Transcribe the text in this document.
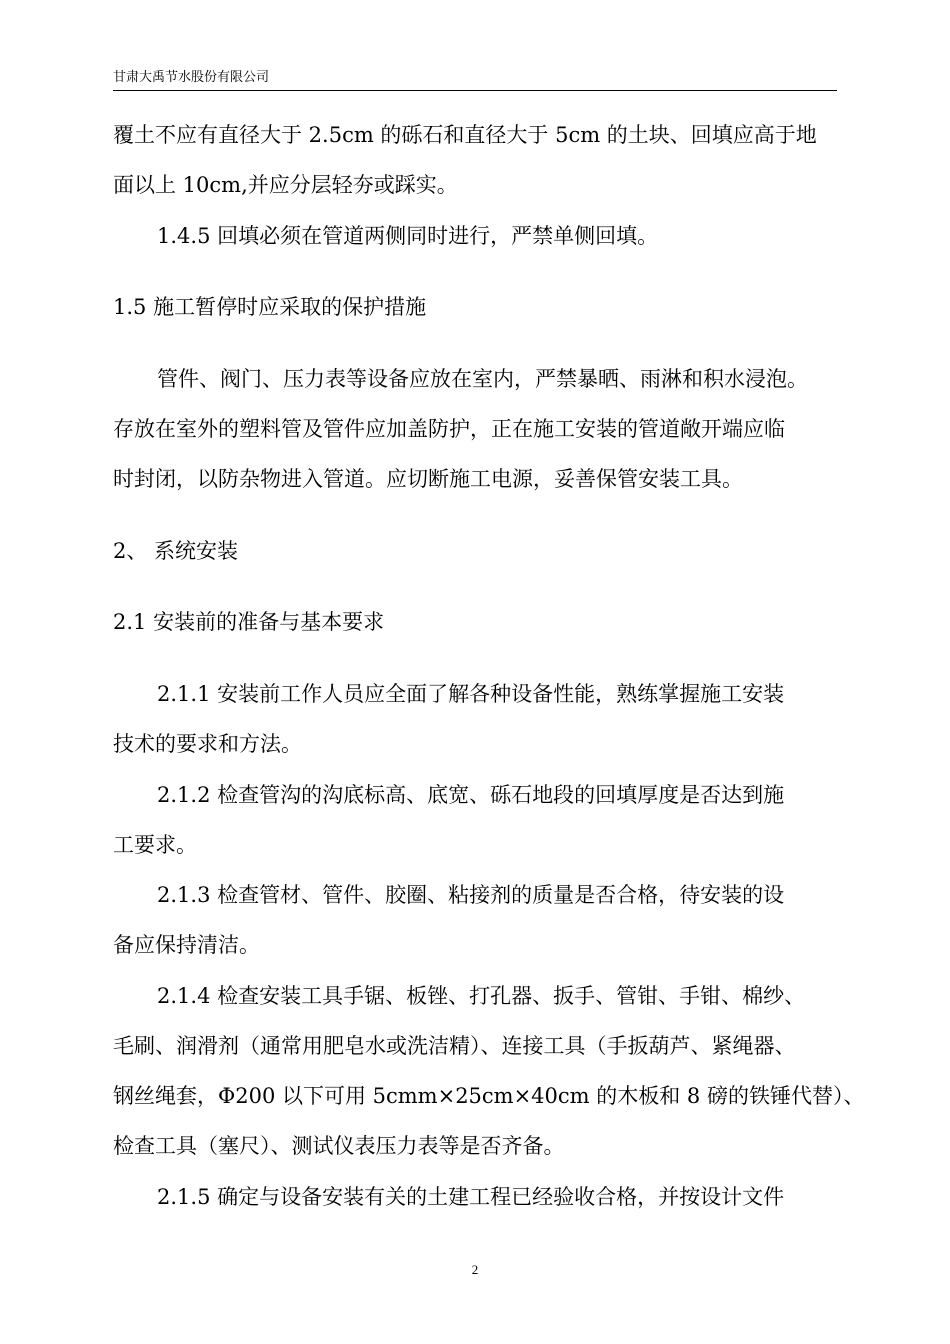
甘肃大禹节水股份有限公司
覆土不应有直径大于 2.5cm 的砾石和直径大于 5cm 的土块、回填应高于地
面以上 10cm,并应分层轻夯或踩实。
1.4.5 回填必须在管道两侧同时进行，严禁单侧回填。
1.5 施工暂停时应采取的保护措施
管件、阀门、压力表等设备应放在室内，严禁暴晒、雨淋和积水浸泡。
存放在室外的塑料管及管件应加盖防护，正在施工安装的管道敞开端应临
时封闭，以防杂物进入管道。应切断施工电源，妥善保管安装工具。
2、 系统安装
2.1 安装前的准备与基本要求
2.1.1 安装前工作人员应全面了解各种设备性能，熟练掌握施工安装
技术的要求和方法。
2.1.2 检查管沟的沟底标高、底宽、砾石地段的回填厚度是否达到施
工要求。
2.1.3 检查管材、管件、胶圈、粘接剂的质量是否合格，待安装的设
备应保持清洁。
2.1.4 检查安装工具手锯、板锉、打孔器、扳手、管钳、手钳、棉纱、
毛刷、润滑剂（通常用肥皂水或洗洁精）、连接工具（手扳葫芦、紧绳器、
钢丝绳套，Φ200 以下可用 5cmm×25cm×40cm 的木板和 8 磅的铁锤代替）、
检查工具（塞尺）、测试仪表压力表等是否齐备。
2.1.5 确定与设备安装有关的土建工程已经验收合格，并按设计文件
2
